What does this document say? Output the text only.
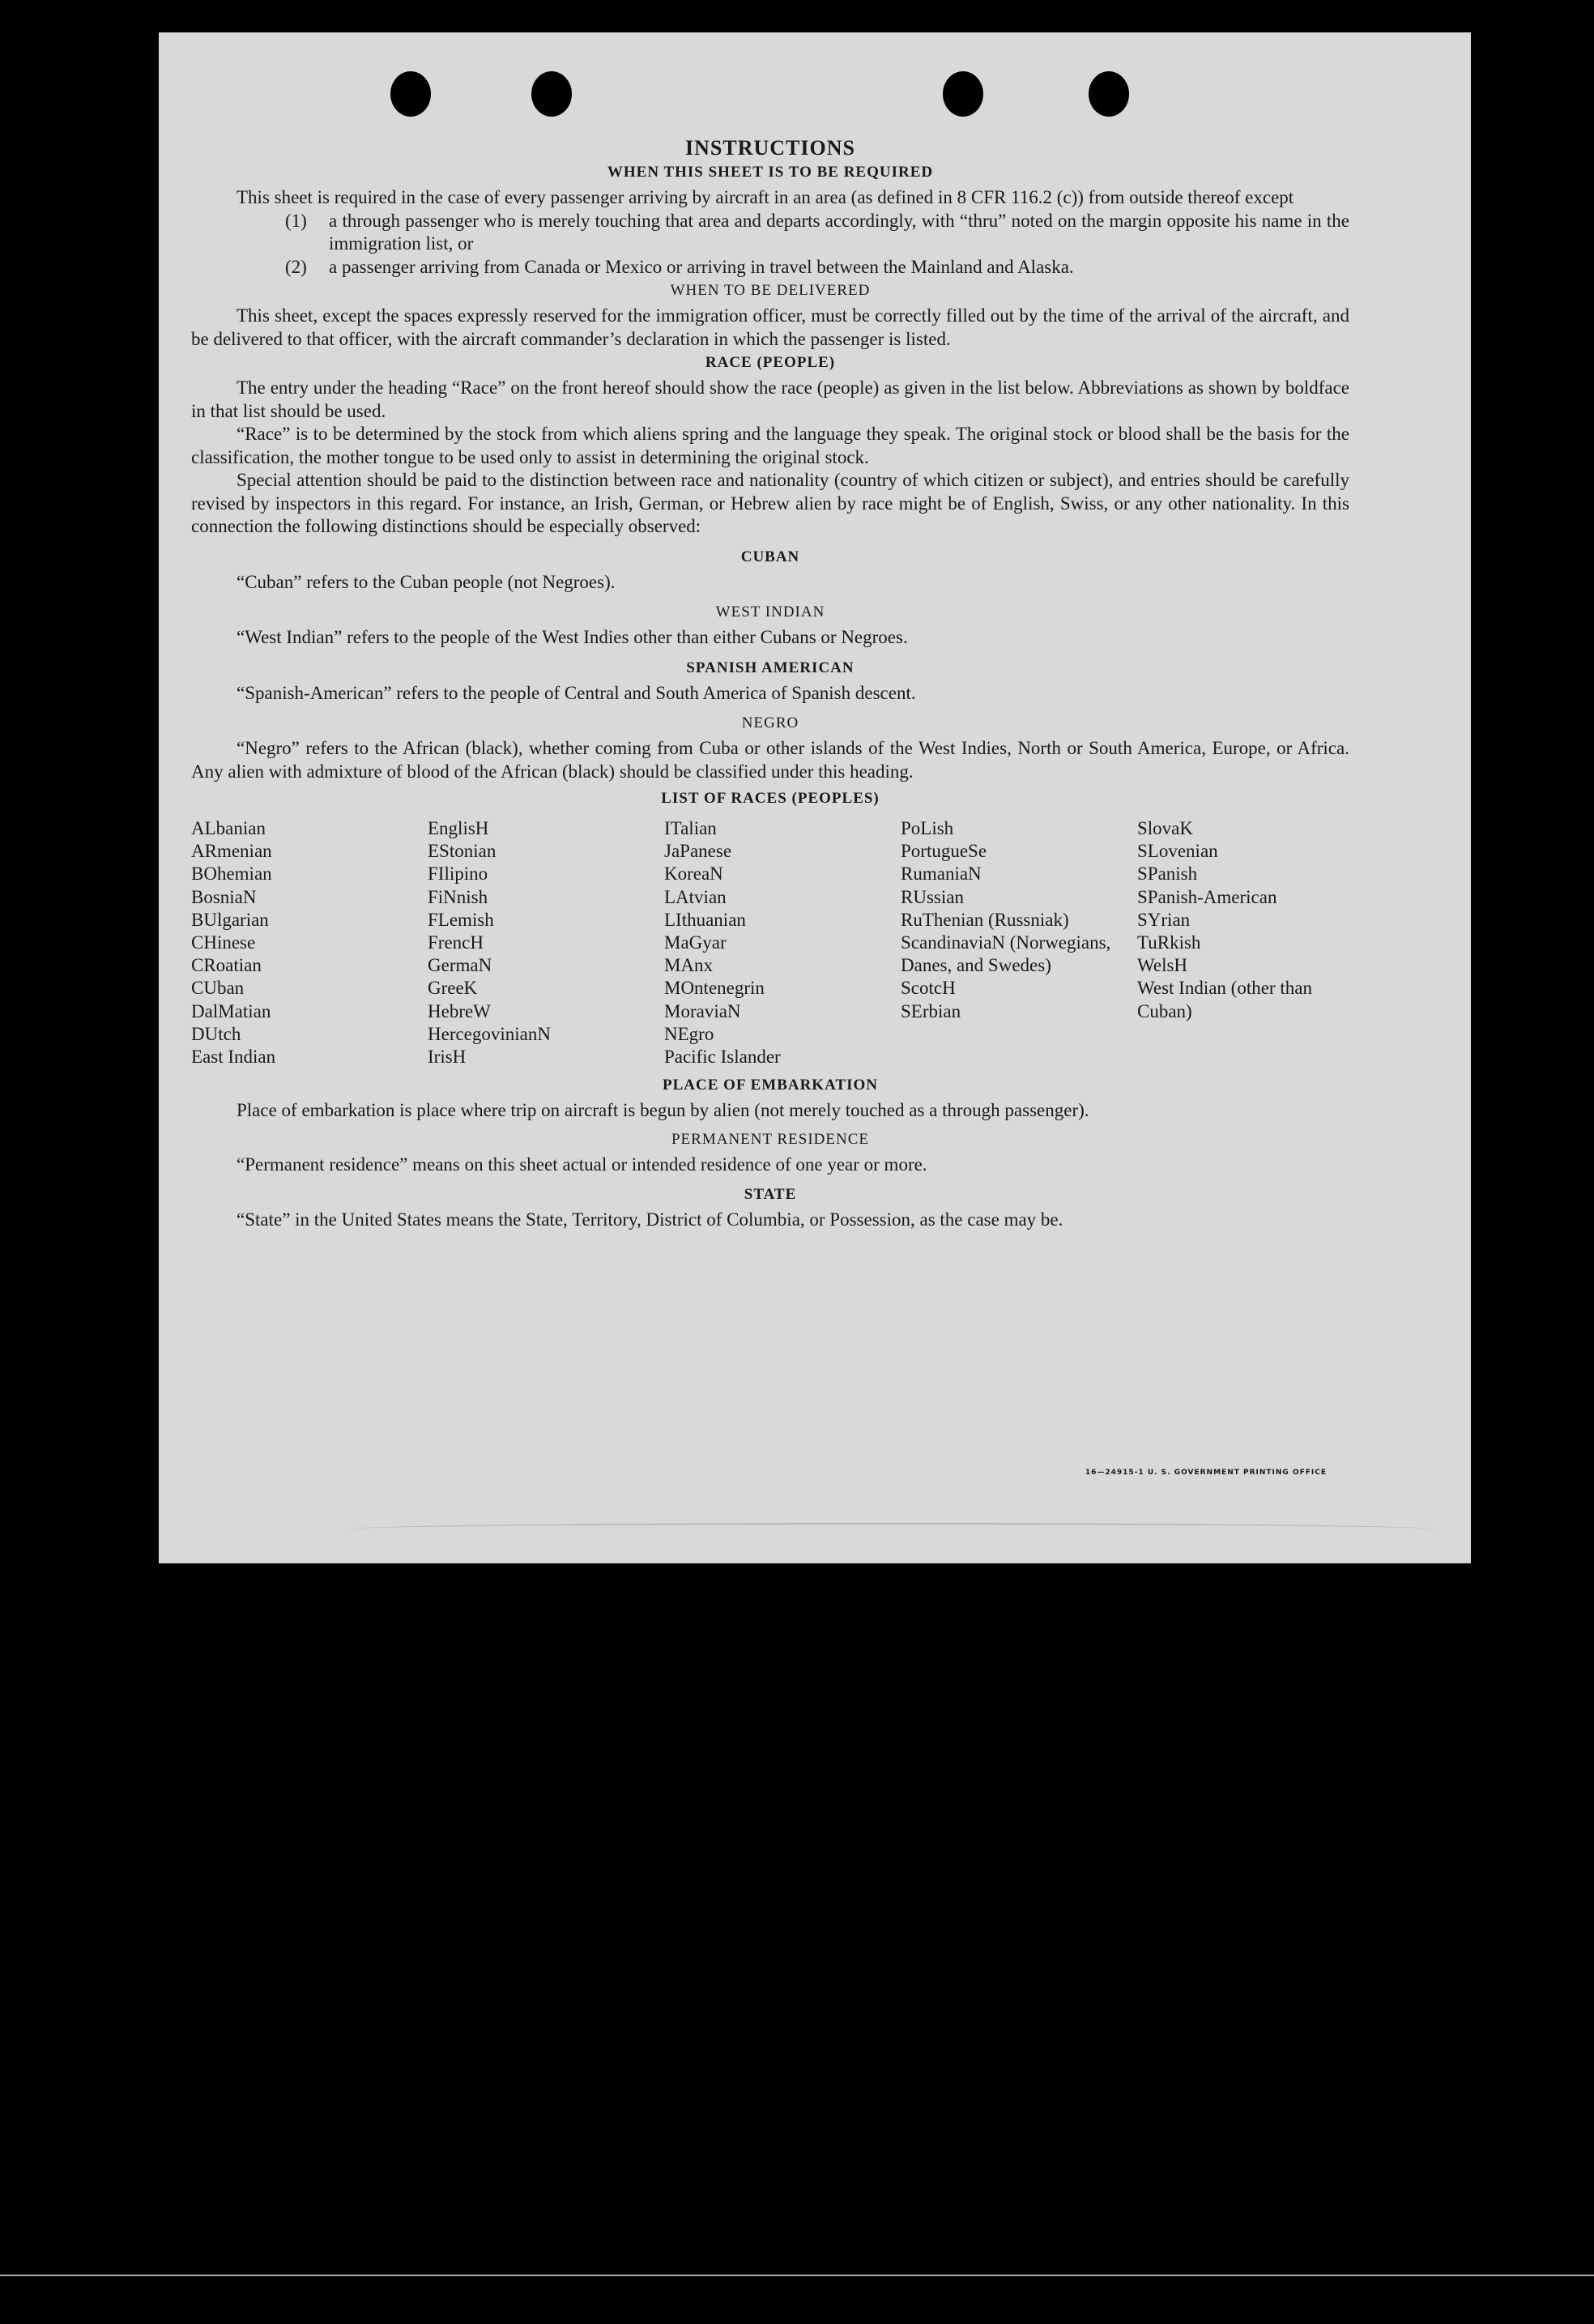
INSTRUCTIONS
WHEN THIS SHEET IS TO BE REQUIRED

This sheet is required in the case of every passenger arriving by aircraft in an area (as defined in 8 CFR 116.2 (c)) from outside thereof except

(1)	a through passenger who is merely touching that area and departs accordingly, with “thru” noted on the margin opposite his name in the immigration list, or
(2)	a passenger arriving from Canada or Mexico or arriving in travel between the Mainland and Alaska.
WHEN TO BE DELIVERED

This sheet, except the spaces expressly reserved for the immigration officer, must be correctly filled out by the time of the arrival of the aircraft, and be delivered to that officer, with the aircraft commander’s declaration in which the passenger is listed.

RACE (PEOPLE)

The entry under the heading “Race” on the front hereof should show the race (people) as given in the list below. Abbreviations as shown by boldface in that list should be used.

“Race” is to be determined by the stock from which aliens spring and the language they speak. The original stock or blood shall be the basis for the classification, the mother tongue to be used only to assist in determining the original stock.

Special attention should be paid to the distinction between race and nationality (country of which citizen or subject), and entries should be carefully revised by inspectors in this regard. For instance, an Irish, German, or Hebrew alien by race might be of English, Swiss, or any other nationality. In this connection the following distinctions should be especially observed:

CUBAN

“Cuban” refers to the Cuban people (not Negroes).

WEST INDIAN

“West Indian” refers to the people of the West Indies other than either Cubans or Negroes.

SPANISH AMERICAN

“Spanish-American” refers to the people of Central and South America of Spanish descent.

NEGRO

“Negro” refers to the African (black), whether coming from Cuba or other islands of the West Indies, North or South America, Europe, or Africa. Any alien with admixture of blood of the African (black) should be classified under this heading.

LIST OF RACES (PEOPLES)
ALbanian
ARmenian
BOhemian
BosniaN
BUlgarian
CHinese
CRoatian
CUban
DalMatian
DUtch
East Indian
EnglisH
EStonian
FIlipino
FiNnish
FLemish
FrencH
GermaN
GreeK
HebreW
HercegovinianN
IrisH
ITalian
JaPanese
KoreaN
LAtvian
LIthuanian
MaGyar
MAnx
MOntenegrin
MoraviaN
NEgro
Pacific Islander
PoLish
PortugueSe
RumaniaN
RUssian
RuThenian (Russniak)
ScandinaviaN (Norwegians, Danes, and Swedes)
ScotcH
SErbian
SlovaK
SLovenian
SPanish
SPanish-American
SYrian
TuRkish
WelsH
West Indian (other than Cuban)
PLACE OF EMBARKATION

Place of embarkation is place where trip on aircraft is begun by alien (not merely touched as a through passenger).

PERMANENT RESIDENCE

“Permanent residence” means on this sheet actual or intended residence of one year or more.

STATE

“State” in the United States means the State, Territory, District of Columbia, or Possession, as the case may be.

16—24915-1 U. S. GOVERNMENT PRINTING OFFICE
